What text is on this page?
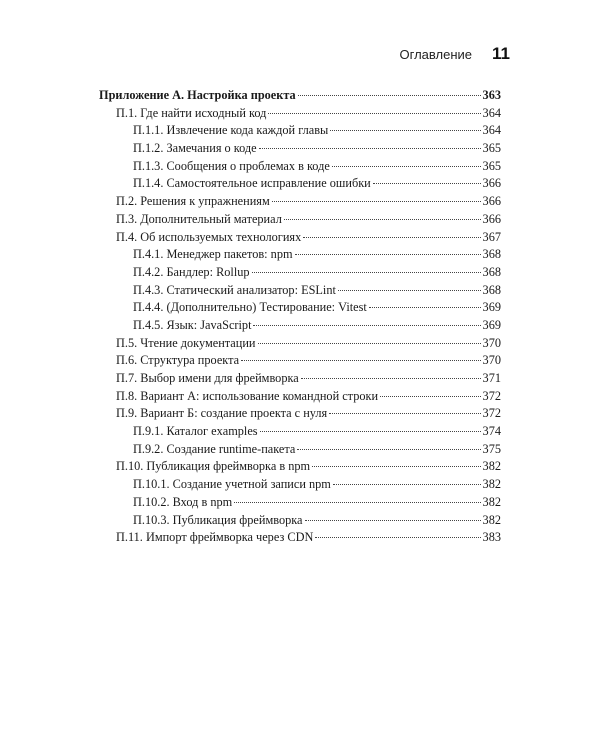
Оглавление 11
Приложение А. Настройка проекта	363
П.1. Где найти исходный код	364
П.1.1. Извлечение кода каждой главы	364
П.1.2. Замечания о коде	365
П.1.3. Сообщения о проблемах в коде	365
П.1.4. Самостоятельное исправление ошибки	366
П.2. Решения к упражнениям	366
П.3. Дополнительный материал	366
П.4. Об используемых технологиях	367
П.4.1. Менеджер пакетов: npm	368
П.4.2. Бандлер: Rollup	368
П.4.3. Статический анализатор: ESLint	368
П.4.4. (Дополнительно) Тестирование: Vitest	369
П.4.5. Язык: JavaScript	369
П.5. Чтение документации	370
П.6. Структура проекта	370
П.7. Выбор имени для фреймворка	371
П.8. Вариант А: использование командной строки	372
П.9. Вариант Б: создание проекта с нуля	372
П.9.1. Каталог examples	374
П.9.2. Создание runtime-пакета	375
П.10. Публикация фреймворка в npm	382
П.10.1. Создание учетной записи npm	382
П.10.2. Вход в npm	382
П.10.3. Публикация фреймворка	382
П.11. Импорт фреймворка через CDN	383
